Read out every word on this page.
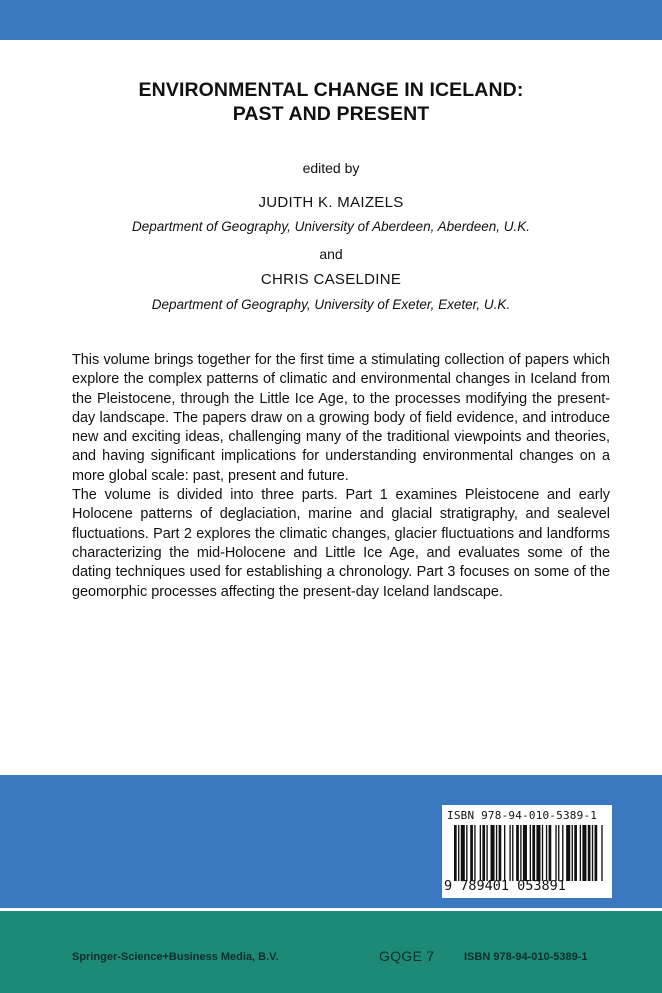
ENVIRONMENTAL CHANGE IN ICELAND:
PAST AND PRESENT
edited by
JUDITH K. MAIZELS
Department of Geography, University of Aberdeen, Aberdeen, U.K.
and
CHRIS CASELDINE
Department of Geography, University of Exeter, Exeter, U.K.

This volume brings together for the first time a stimulating collection of papers which explore the complex patterns of climatic and environmental changes in Iceland from the Pleistocene, through the Little Ice Age, to the processes modifying the present-day landscape. The papers draw on a growing body of field evidence, and introduce new and exciting ideas, challenging many of the traditional viewpoints and theories, and having significant implications for understanding environmental changes on a more global scale: past, present and future.

The volume is divided into three parts. Part 1 examines Pleistocene and early Holocene patterns of deglaciation, marine and glacial stratigraphy, and sealevel fluctuations. Part 2 explores the climatic changes, glacier fluctuations and landforms characterizing the mid-Holocene and Little Ice Age, and evaluates some of the dating techniques used for establishing a chronology. Part 3 focuses on some of the geomorphic processes affecting the present-day Iceland landscape.

ISBN 978-94-010-5389-1
9 789401 053891
Springer-Science+Business Media, B.V.	GQGE 7	ISBN 978-94-010-5389-1
